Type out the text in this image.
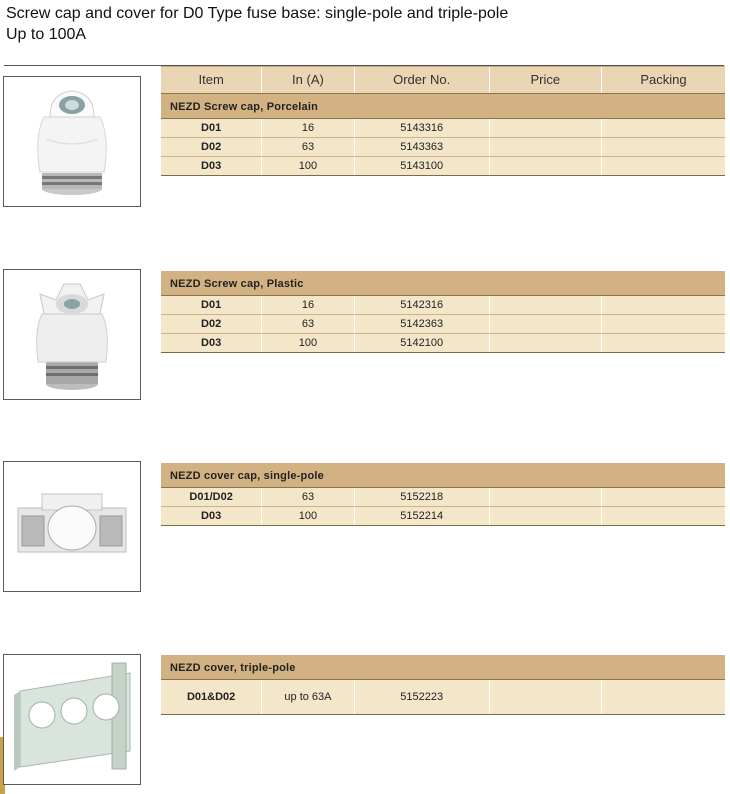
Screw cap and cover for D0 Type fuse base: single-pole and triple-pole
Up to 100A
Item	In (A)	Order No.	Price	Packing
NEZD Screw cap, Porcelain
D01	16	5143316
D02	63	5143363
D03	100	5143100
NEZD Screw cap, Plastic
D01	16	5142316
D02	63	5142363
D03	100	5142100
NEZD cover cap, single-pole
D01/D02	63	5152218
D03	100	5152214
NEZD cover, triple-pole
D01&D02	up to 63A	5152223
